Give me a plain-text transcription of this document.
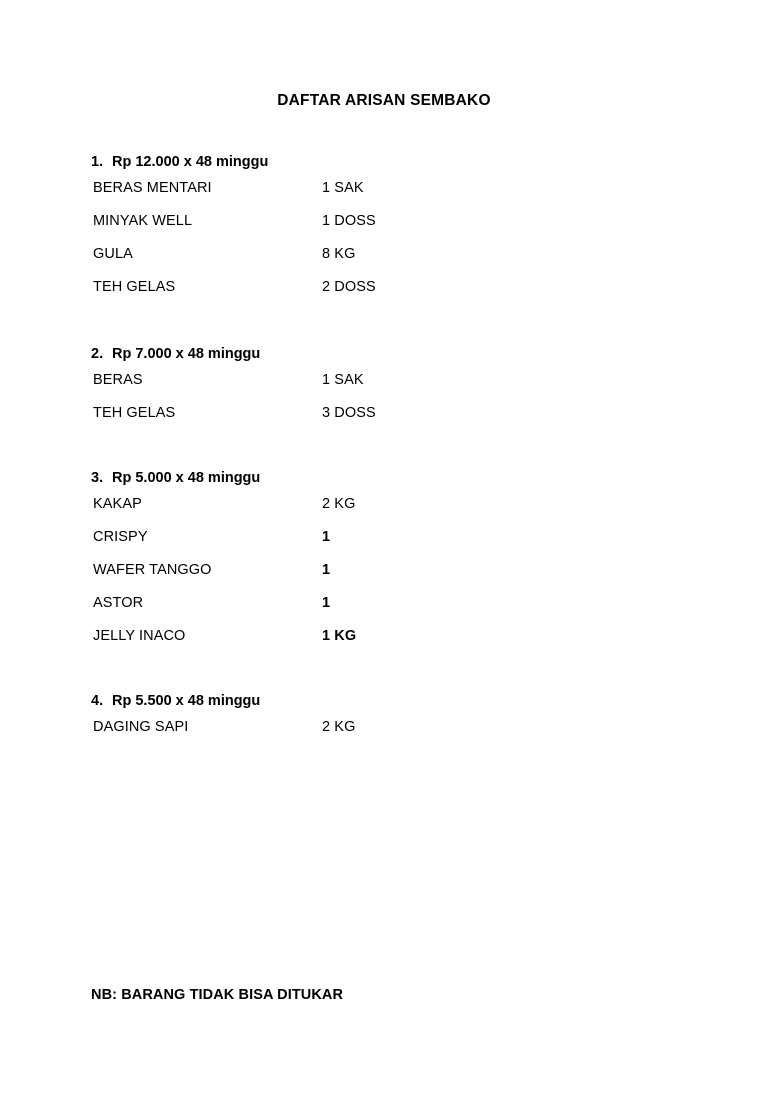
DAFTAR ARISAN SEMBAKO
1. Rp 12.000 x 48 minggu
BERAS MENTARI	1 SAK
MINYAK WELL	1 DOSS
GULA	8 KG
TEH GELAS	2 DOSS
2. Rp 7.000 x 48 minggu
BERAS	1 SAK
TEH GELAS	3 DOSS
3. Rp 5.000 x 48 minggu
KAKAP	2 KG
CRISPY	1
WAFER TANGGO	1
ASTOR	1
JELLY INACO	1 KG
4. Rp 5.500 x 48 minggu
DAGING SAPI	2 KG
NB: BARANG TIDAK BISA DITUKAR
